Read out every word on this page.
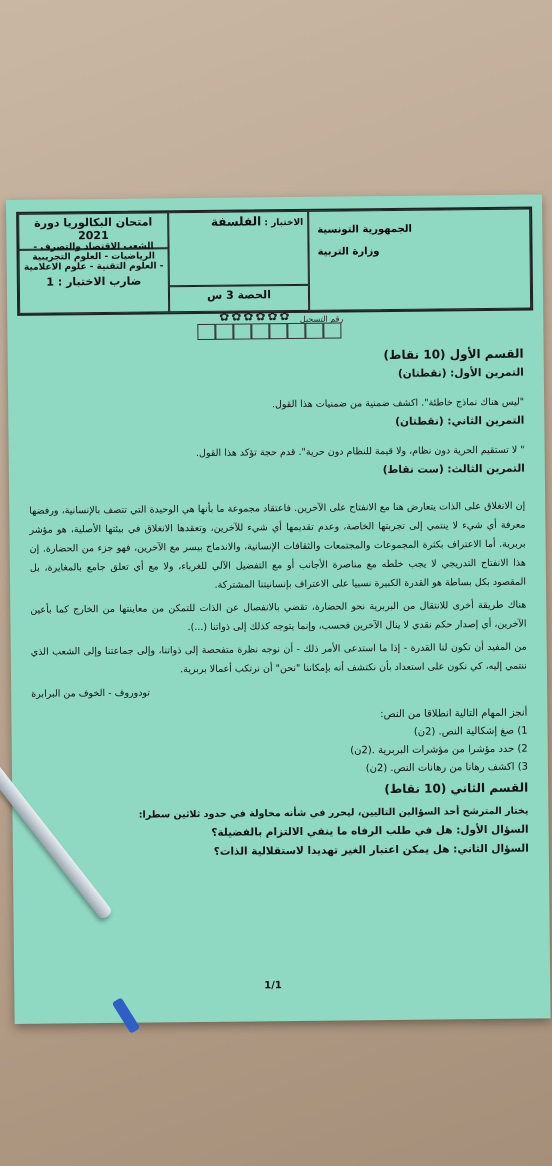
امتحان البكالوريا دورة 2021
الشعب الاقتصاد والتصرف - الرياضيات - العلوم التجريبية
- العلوم التقنية - علوم الاعلامية
الاختبار : الفلسفة
الجمهورية التونسية
وزارة التربية
ضارب الاختبار : 1
الحصة 3 س
✿✿✿✿✿✿ رقم التسجيل
القسم الأول (10 نقاط)
التمرين الأول: (نقطتان)
"ليس هناك نماذج خاطئة". اكشف ضمنية من ضمنيات هذا القول.
التمرين الثاني: (نقطتان)
" لا تستقيم الحرية دون نظام، ولا قيمة للنظام دون حرية". قدم حجة تؤكد هذا القول.
التمرين الثالث: (ست نقاط)

إن الانغلاق على الذات يتعارض هنا مع الانفتاح على الآخرين. فاعتقاد مجموعة ما بأنها هي الوحيدة التي تتصف بالإنسانية، ورفضها معرفة أي شيء لا ينتمي إلى تجربتها الخاصة، وعدم تقديمها أي شيء للآخرين، وتعقدها الانغلاق في بيئتها الأصلية، هو مؤشر بربرية. أما الاعتراف بكثرة المجموعات والمجتمعات والثقافات الإنسانية، والاندماج بيسر مع الآخرين، فهو جزء من الحضارة. إن هذا الانفتاح التدريجي لا يجب خلطه مع مناصرة الأجانب أو مع التفضيل الآلي للغرباء، ولا مع أي تعلق جامع بالمغايرة، بل المقصود بكل بساطة هو القدرة الكبيرة نسبيا على الاعتراف بإنسانيتنا المشتركة.

هناك طريقة أخرى للانتقال من البربرية نحو الحضارة، تقضي بالانفصال عن الذات للتمكن من معاينتها من الخارج كما بأعين الآخرين، أي إصدار حكم نقدي لا ينال الآخرين فحسب، وإنما يتوجه كذلك إلى ذواتنا (...).

من المفيد أن تكون لنا القدرة - إذا ما استدعى الأمر ذلك - أن نوجه نظرة متفحصة إلى ذواتنا، وإلى جماعتنا وإلى الشعب الذي ننتمي إليه، كي نكون على استعداد بأن نكتشف أنه بإمكاننا "نحن" أن نرتكب أعمالا بربرية.

تودوروف - الخوف من البرابرة
أنجز المهام التالية انطلاقا من النص:
1) صغ إشكالية النص. (2ن)
2) حدد مؤشرا من مؤشرات البربرية .(2ن)
3) اكشف رهانا من رهانات النص. (2ن)
القسم الثاني (10 نقاط)
يختار المترشح أحد السؤالين التاليين، ليحرر في شأنه محاولة في حدود ثلاثين سطرا:
السؤال الأول: هل في طلب الرفاه ما ينفي الالتزام بالفضيلة؟
السؤال الثاني: هل يمكن اعتبار الغير تهديدا لاستقلالية الذات؟
1/1
